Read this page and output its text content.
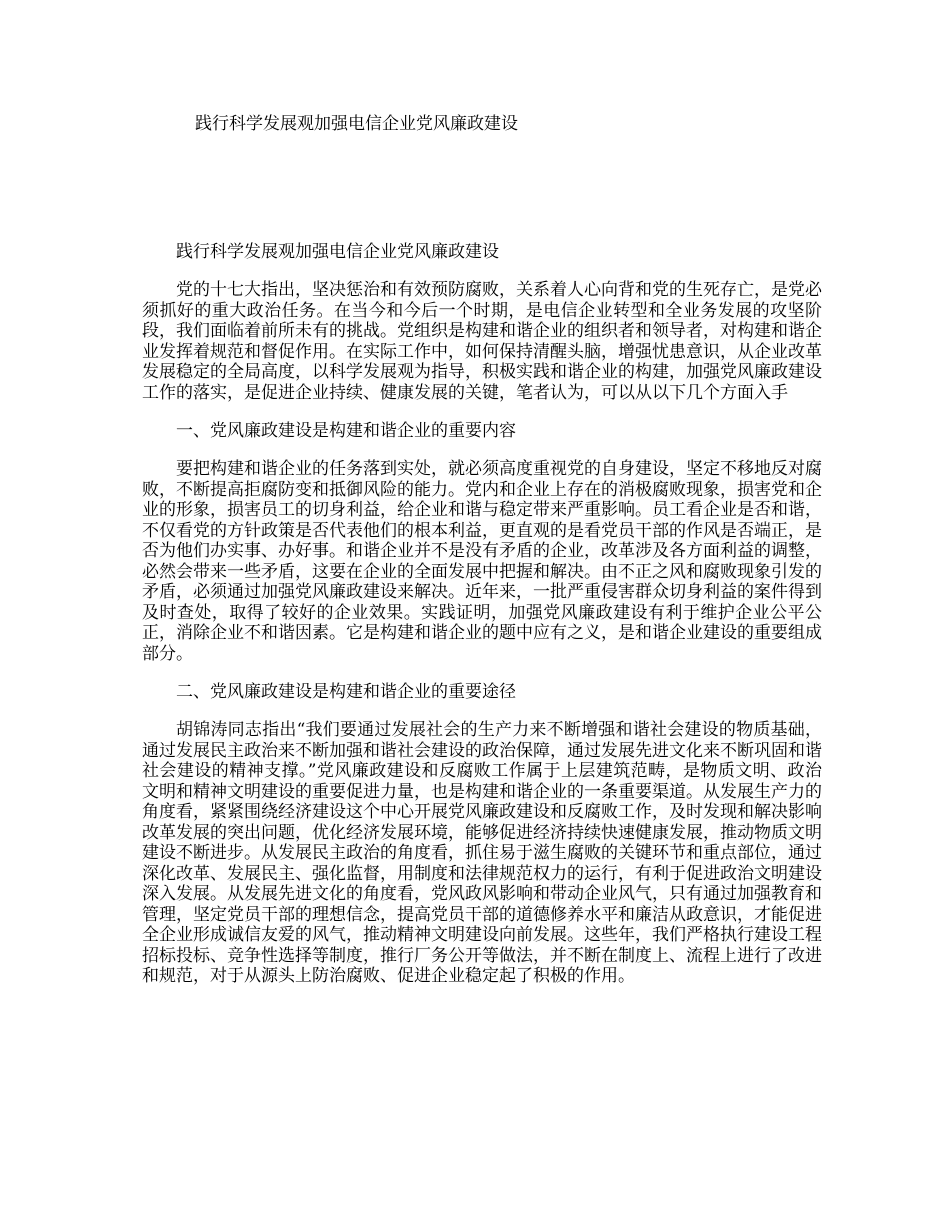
践行科学发展观加强电信企业党风廉政建设
践行科学发展观加强电信企业党风廉政建设

党的十七大指出，坚决惩治和有效预防腐败，关系着人心向背和党的生死存亡，是党必须抓好的重大政治任务。在当今和今后一个时期，是电信企业转型和全业务发展的攻坚阶段，我们面临着前所未有的挑战。党组织是构建和谐企业的组织者和领导者，对构建和谐企业发挥着规范和督促作用。在实际工作中，如何保持清醒头脑，增强忧患意识，从企业改革发展稳定的全局高度，以科学发展观为指导，积极实践和谐企业的构建，加强党风廉政建设工作的落实，是促进企业持续、健康发展的关键，笔者认为，可以从以下几个方面入手

一、党风廉政建设是构建和谐企业的重要内容

要把构建和谐企业的任务落到实处，就必须高度重视党的自身建设，坚定不移地反对腐败，不断提高拒腐防变和抵御风险的能力。党内和企业上存在的消极腐败现象，损害党和企业的形象，损害员工的切身利益，给企业和谐与稳定带来严重影响。员工看企业是否和谐，不仅看党的方针政策是否代表他们的根本利益，更直观的是看党员干部的作风是否端正，是否为他们办实事、办好事。和谐企业并不是没有矛盾的企业，改革涉及各方面利益的调整，必然会带来一些矛盾，这要在企业的全面发展中把握和解决。由不正之风和腐败现象引发的矛盾，必须通过加强党风廉政建设来解决。近年来，一批严重侵害群众切身利益的案件得到及时查处，取得了较好的企业效果。实践证明，加强党风廉政建设有利于维护企业公平公正，消除企业不和谐因素。它是构建和谐企业的题中应有之义，是和谐企业建设的重要组成部分。

二、党风廉政建设是构建和谐企业的重要途径

胡锦涛同志指出“我们要通过发展社会的生产力来不断增强和谐社会建设的物质基础，通过发展民主政治来不断加强和谐社会建设的政治保障，通过发展先进文化来不断巩固和谐社会建设的精神支撑。”党风廉政建设和反腐败工作属于上层建筑范畴，是物质文明、政治文明和精神文明建设的重要促进力量，也是构建和谐企业的一条重要渠道。从发展生产力的角度看，紧紧围绕经济建设这个中心开展党风廉政建设和反腐败工作，及时发现和解决影响改革发展的突出问题，优化经济发展环境，能够促进经济持续快速健康发展，推动物质文明建设不断进步。从发展民主政治的角度看，抓住易于滋生腐败的关键环节和重点部位，通过深化改革、发展民主、强化监督，用制度和法律规范权力的运行，有利于促进政治文明建设深入发展。从发展先进文化的角度看，党风政风影响和带动企业风气，只有通过加强教育和管理，坚定党员干部的理想信念，提高党员干部的道德修养水平和廉洁从政意识，才能促进全企业形成诚信友爱的风气，推动精神文明建设向前发展。这些年，我们严格执行建设工程招标投标、竞争性选择等制度，推行厂务公开等做法，并不断在制度上、流程上进行了改进和规范，对于从源头上防治腐败、促进企业稳定起了积极的作用。
